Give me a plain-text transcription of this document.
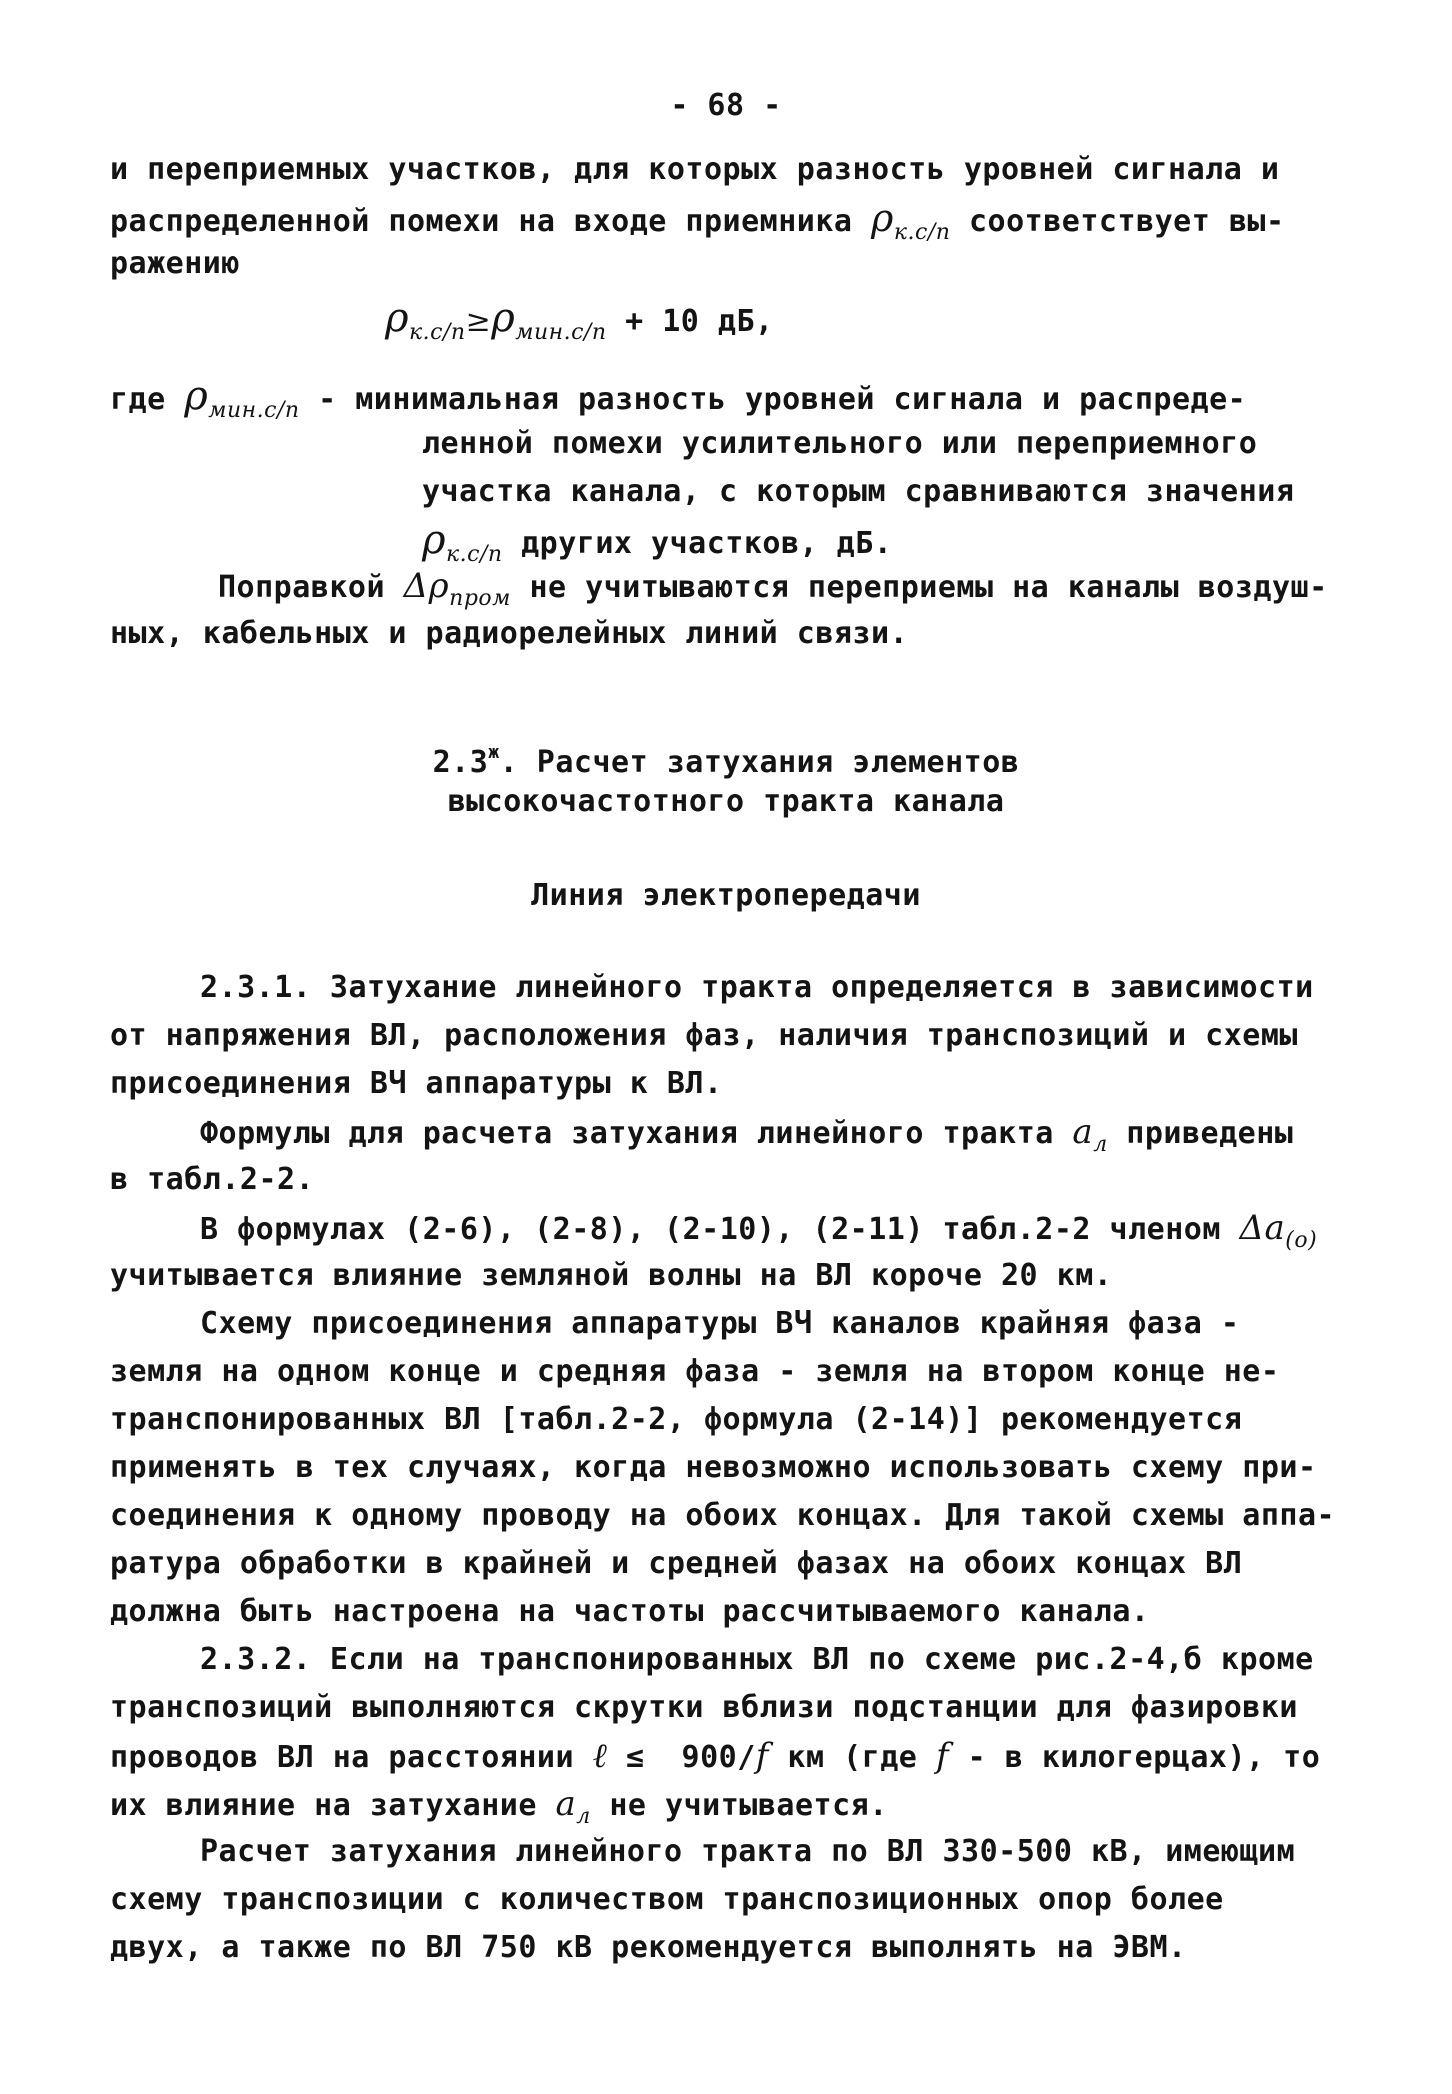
- 68 -
и переприемных участков, для которых разность уровней сигнала и
распределенной помехи на входе приемника $\rho_{к.с/п}$ соответствует вы-
ражению
$\rho_{к.с/п}\ge\rho_{мин.с/п} + 10$ дБ,
где $\rho_{мин.с/п}$ - минимальная разность уровней сигнала и распреде-
ленной помехи усилительного или переприемного
участка канала, с которым сравниваются значения
$\rho_{к.с/п}$ других участков, дБ.
Поправкой $\Delta\rho_{пром}$ не учитываются переприемы на каналы воздуш-
ных, кабельных и радиорелейных линий связи.
$2.3^ж$. Расчет затухания элементов
высокочастотного тракта канала
Линия электропередачи
2.3.1. Затухание линейного тракта определяется в зависимости
от напряжения ВЛ, расположения фаз, наличия транспозиций и схемы
присоединения ВЧ аппаратуры к ВЛ.
Формулы для расчета затухания линейного тракта $a_л$ приведены
в табл.2-2.
В формулах (2-6), (2-8), (2-10), (2-11) табл.2-2 членом $\Delta a_{(о)}$
учитывается влияние земляной волны на ВЛ короче 20 км.
Схему присоединения аппаратуры ВЧ каналов крайняя фаза -
земля на одном конце и средняя фаза - земля на втором конце не-
транспонированных ВЛ [табл.2-2, формула (2-14)] рекомендуется
применять в тех случаях, когда невозможно использовать схему при-
соединения к одному проводу на обоих концах. Для такой схемы аппа-
ратура обработки в крайней и средней фазах на обоих концах ВЛ
должна быть настроена на частоты рассчитываемого канала.
2.3.2. Если на транспонированных ВЛ по схеме рис.2-4,б кроме
транспозиций выполняются скрутки вблизи подстанции для фазировки
проводов ВЛ на расстоянии ℓ ≤  900/f км (где f - в килогерцах), то
их влияние на затухание $a_л$ не учитывается.
Расчет затухания линейного тракта по ВЛ 330-500 кВ, имеющим
схему транспозиции с количеством транспозиционных опор более
двух, а также по ВЛ 750 кВ рекомендуется выполнять на ЭВМ.
